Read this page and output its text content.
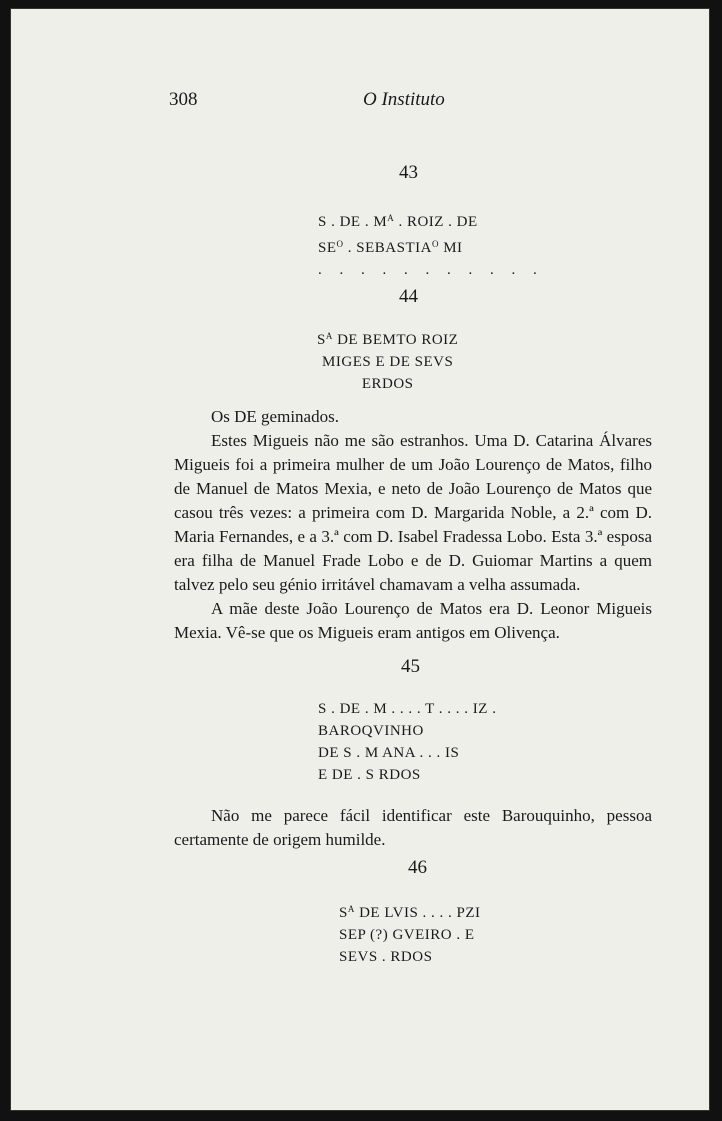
308	O Instituto
43
S . DE . $M^A$ . ROIZ . DE
$SE^O$ . $SEBASTIA^O$ MI
. . . . . . . . . . .
44
$S^A$ DE BEMTO ROIZ
MIGES E DE SEVS
ERDOS

Os DE geminados.

Estes Migueis não me são estranhos. Uma D. Catarina Álvares Migueis foi a primeira mulher de um João Lourenço de Matos, filho de Manuel de Matos Mexia, e neto de João Lourenço de Matos que casou três vezes: a primeira com D. Margarida Noble, a 2.ª com D. Maria Fernandes, e a 3.ª com D. Isabel Fradessa Lobo. Esta 3.ª esposa era filha de Manuel Frade Lobo e de D. Guiomar Martins a quem talvez pelo seu génio irritável chamavam a velha assumada.

A mãe deste João Lourenço de Matos era D. Leonor Migueis Mexia. Vê-se que os Migueis eram antigos em Olivença.

45
S . DE . M . . . . T . . . . IZ .
BAROQVINHO
DE S . M ANA . . . IS
E DE . S RDOS

Não me parece fácil identificar este Barouquinho, pessoa certamente de origem humilde.

46
$S^A$ DE LVIS . . . . PZI
SEP (?) GVEIRO . E
SEVS . RDOS
